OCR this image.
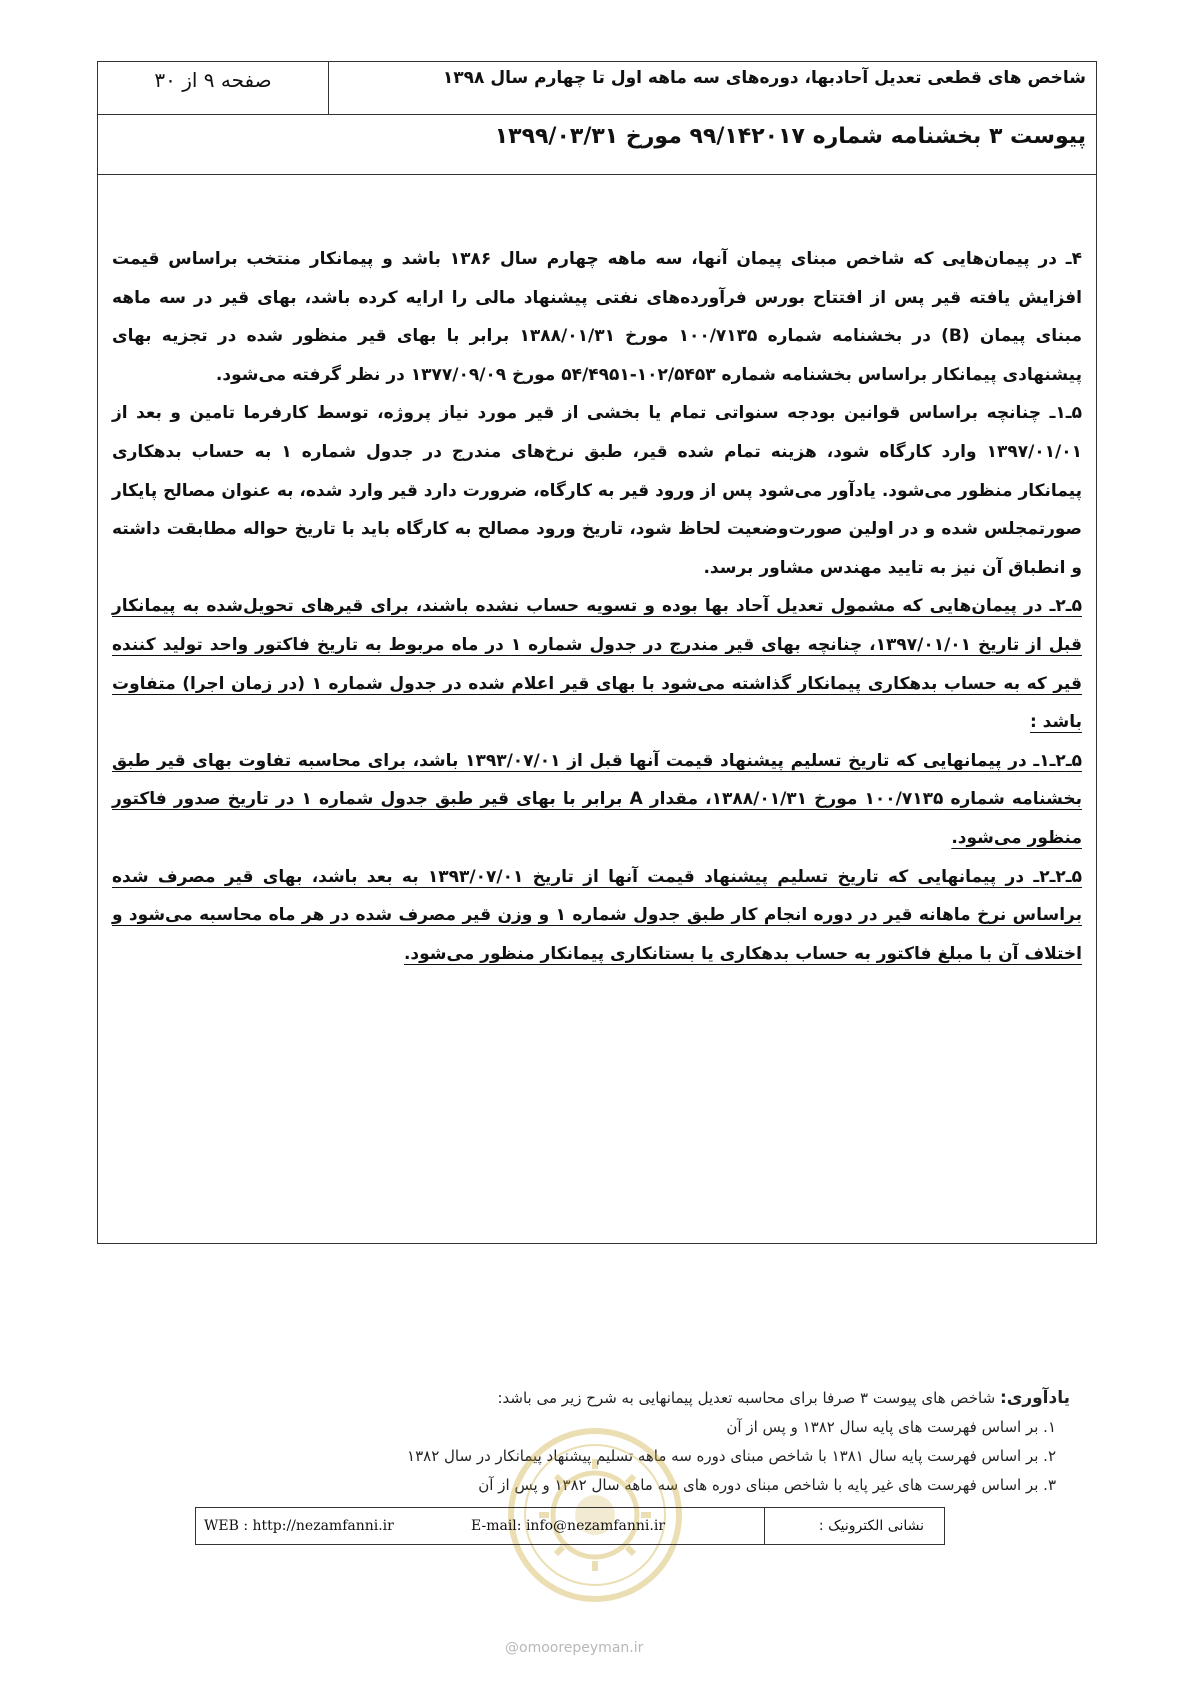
شاخص های قطعی تعدیل آحادبها، دوره‌های سه ماهه اول تا چهارم سال ۱۳۹۸
صفحه ۹ از ۳۰
پیوست ۳ بخشنامه شماره ۹۹/۱۴۲۰۱۷ مورخ ۱۳۹۹/۰۳/۳۱

۴ـ در پیمان‌هایی که شاخص مبنای پیمان آنها، سه ماهه چهارم سال ۱۳۸۶ باشد و پیمانکار منتخب براساس قیمت افزایش یافته قیر پس از افتتاح بورس فرآورده‌های نفتی پیشنهاد مالی را ارایه کرده باشد، بهای قیر در سه ماهه مبنای پیمان (B) در بخشنامه شماره ۱۰۰/۷۱۳۵ مورخ ۱۳۸۸/۰۱/۳۱ برابر با بهای قیر منظور شده در تجزیه بهای پیشنهادی پیمانکار براساس بخشنامه شماره ۱۰۲/۵۴۵۳-۵۴/۴۹۵۱ مورخ ۱۳۷۷/۰۹/۰۹ در نظر گرفته می‌شود.

۵ـ۱ـ چنانچه براساس قوانین بودجه سنواتی تمام یا بخشی از قیر مورد نیاز پروژه، توسط کارفرما تامین و بعد از ۱۳۹۷/۰۱/۰۱ وارد کارگاه شود، هزینه تمام شده قیر، طبق نرخ‌های مندرج در جدول شماره ۱ به حساب بدهکاری پیمانکار منظور می‌شود. یادآور می‌شود پس از ورود قیر به کارگاه، ضرورت دارد قیر وارد شده، به عنوان مصالح پایکار صورتمجلس شده و در اولین صورت‌وضعیت لحاظ شود، تاریخ ورود مصالح به کارگاه باید با تاریخ حواله مطابقت داشته و انطباق آن نیز به تایید مهندس مشاور برسد.

۵ـ۲ـ در پیمان‌هایی که مشمول تعدیل آحاد بها بوده و تسویه حساب نشده باشند، برای قیرهای تحویل‌شده به پیمانکار قبل از تاریخ ۱۳۹۷/۰۱/۰۱، چنانچه بهای قیر مندرج در جدول شماره ۱ در ماه مربوط به تاریخ فاکتور واحد تولید کننده قیر که به حساب بدهکاری پیمانکار گذاشته می‌شود با بهای قیر اعلام شده در جدول شماره ۱ (در زمان اجرا) متفاوت باشد :

۵ـ۲ـ۱ـ در پیمانهایی که تاریخ تسلیم پیشنهاد قیمت آنها قبل از ۱۳۹۳/۰۷/۰۱ باشد، برای محاسبه تفاوت بهای قیر طبق بخشنامه شماره ۱۰۰/۷۱۳۵ مورخ ۱۳۸۸/۰۱/۳۱، مقدار A برابر با بهای قیر طبق جدول شماره ۱ در تاریخ صدور فاکتور منظور می‌شود.

۵ـ۲ـ۲ـ در پیمانهایی که تاریخ تسلیم پیشنهاد قیمت آنها از تاریخ ۱۳۹۳/۰۷/۰۱ به بعد باشد، بهای قیر مصرف شده براساس نرخ ماهانه قیر در دوره انجام کار طبق جدول شماره ۱ و وزن قیر مصرف شده در هر ماه محاسبه می‌شود و اختلاف آن با مبلغ فاکتور به حساب بدهکاری یا بستانکاری پیمانکار منظور می‌شود.

یادآوری: شاخص های پیوست ۳ صرفا برای محاسبه تعدیل پیمانهایی به شرح زیر می باشد:
۱. بر اساس فهرست های پایه سال ۱۳۸۲ و پس از آن
۲. بر اساس فهرست پایه سال ۱۳۸۱ با شاخص مبنای دوره سه ماهه تسلیم پیشنهاد پیمانکار در سال ۱۳۸۲
۳. بر اساس فهرست های غیر پایه با شاخص مبنای دوره های سه ماهه سال ۱۳۸۲ و پس از آن
WEB : http://nezamfanni.ir	E-mail: info@nezamfanni.ir	نشانی الکترونیک :
@omoorepeyman.ir
